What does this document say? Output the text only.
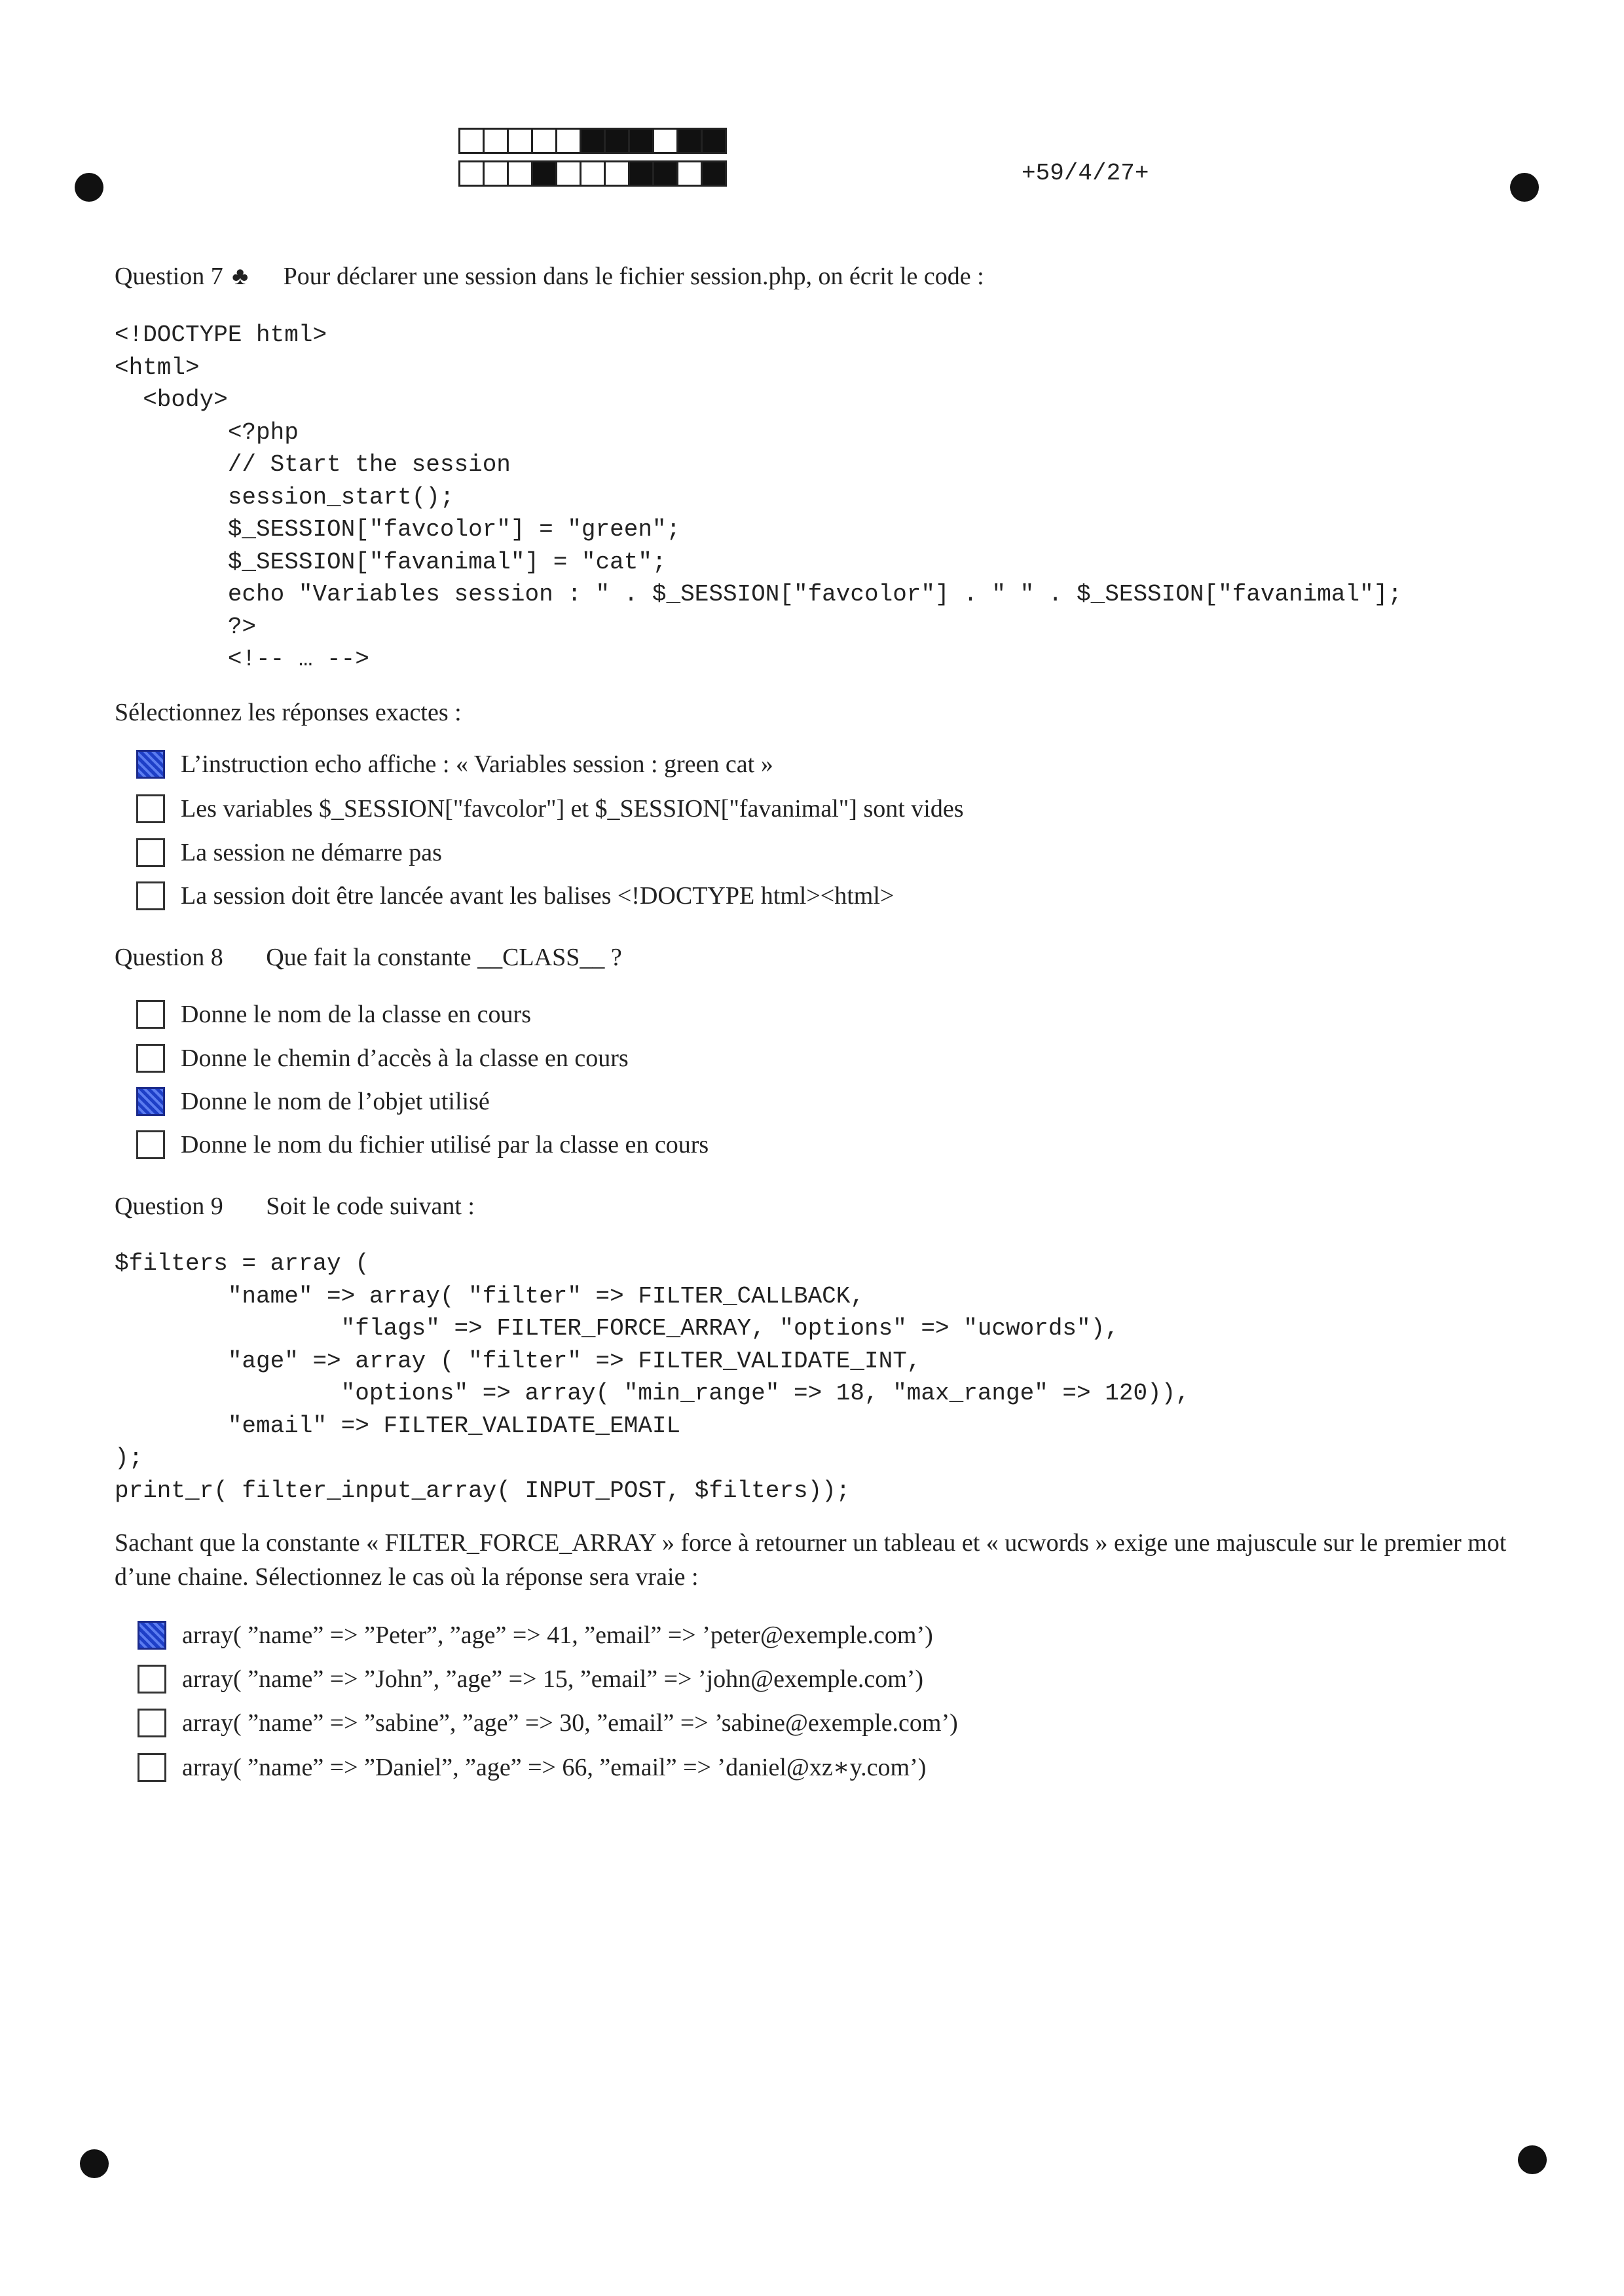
+59/4/27+
Question 7 ♣ Pour déclarer une session dans le fichier session.php, on écrit le code :
<!DOCTYPE html>
<html>
<body>
<?php
// Start the session
session_start();
$_SESSION["favcolor"] = "green";
$_SESSION["favanimal"] = "cat";
echo "Variables session : " . $_SESSION["favcolor"] . " " . $_SESSION["favanimal"];
?>
<!-- … -->
Sélectionnez les réponses exactes :
L’instruction echo affiche : « Variables session : green cat »
Les variables $_SESSION["favcolor"] et $_SESSION["favanimal"] sont vides
La session ne démarre pas
La session doit être lancée avant les balises <!DOCTYPE html><html>
Question 8 Que fait la constante __CLASS__ ?
Donne le nom de la classe en cours
Donne le chemin d’accès à la classe en cours
Donne le nom de l’objet utilisé
Donne le nom du fichier utilisé par la classe en cours
Question 9 Soit le code suivant :
$filters = array (
"name" => array( "filter" => FILTER_CALLBACK,
"flags" => FILTER_FORCE_ARRAY, "options" => "ucwords"),
"age" => array ( "filter" => FILTER_VALIDATE_INT,
"options" => array( "min_range" => 18, "max_range" => 120)),
"email" => FILTER_VALIDATE_EMAIL
);
print_r( filter_input_array( INPUT_POST, $filters));
Sachant que la constante « FILTER_FORCE_ARRAY » force à retourner un tableau et « ucwords » exige une majuscule sur le premier mot d’une chaine. Sélectionnez le cas où la réponse sera vraie :
array( ”name” => ”Peter”, ”age” => 41, ”email” => ’peter@exemple.com’)
array( ”name” => ”John”, ”age” => 15, ”email” => ’john@exemple.com’)
array( ”name” => ”sabine”, ”age” => 30, ”email” => ’sabine@exemple.com’)
array( ”name” => ”Daniel”, ”age” => 66, ”email” => ’daniel@xz∗y.com’)
